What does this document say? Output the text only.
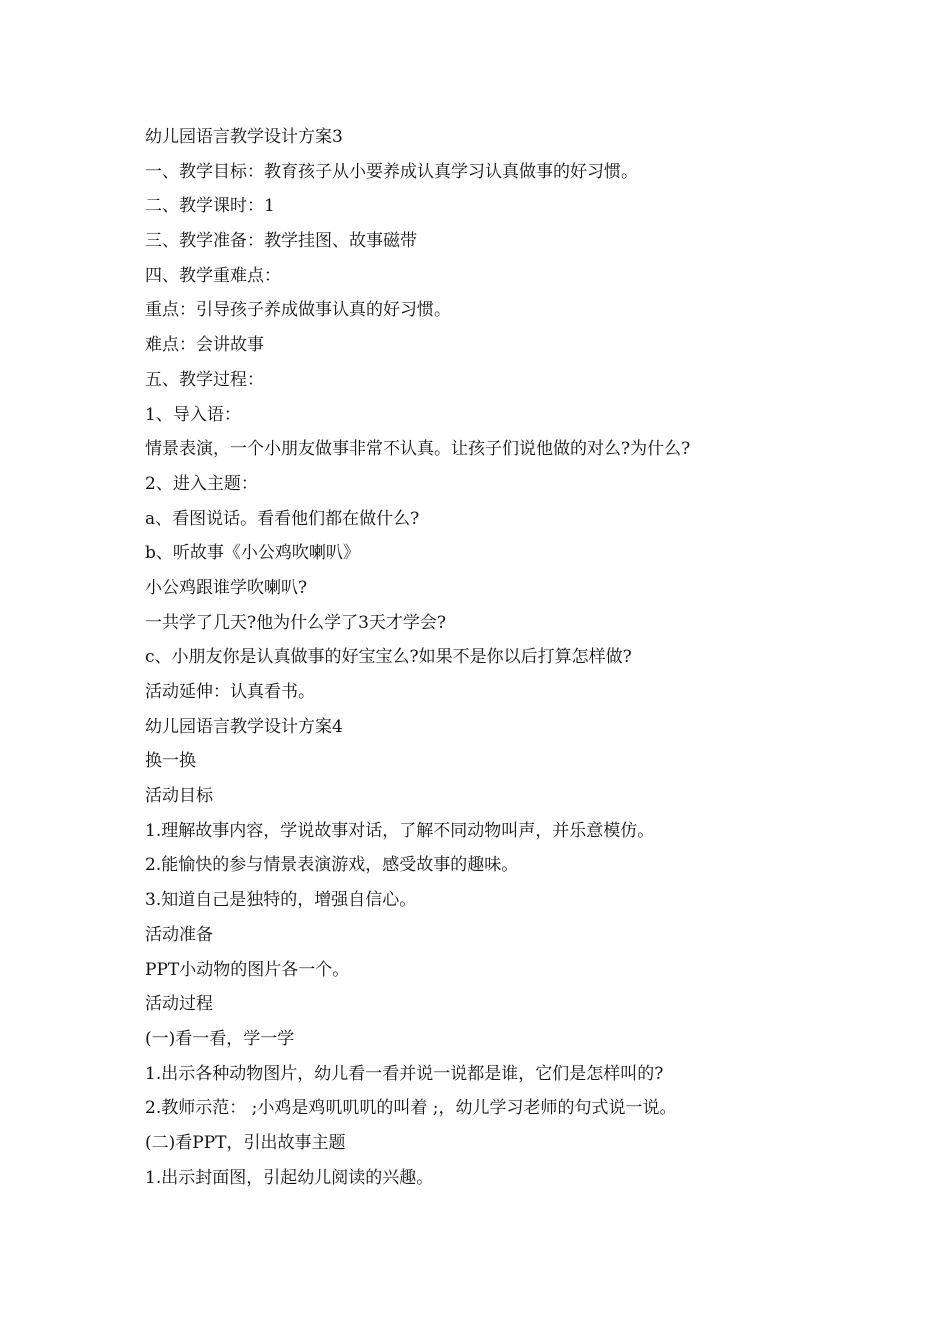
幼儿园语言教学设计方案3
一、教学目标：教育孩子从小要养成认真学习认真做事的好习惯。
二、教学课时：1
三、教学准备：教学挂图、故事磁带
四、教学重难点：
重点：引导孩子养成做事认真的好习惯。
难点：会讲故事
五、教学过程：
1、导入语：
情景表演，一个小朋友做事非常不认真。让孩子们说他做的对么?为什么?
2、进入主题：
a、看图说话。看看他们都在做什么?
b、听故事《小公鸡吹喇叭》
小公鸡跟谁学吹喇叭?
一共学了几天?他为什么学了3天才学会?
c、小朋友你是认真做事的好宝宝么?如果不是你以后打算怎样做?
活动延伸：认真看书。
幼儿园语言教学设计方案4
换一换
活动目标
1.理解故事内容，学说故事对话，了解不同动物叫声，并乐意模仿。
2.能愉快的参与情景表演游戏，感受故事的趣味。
3.知道自己是独特的，增强自信心。
活动准备
PPT小动物的图片各一个。
活动过程
(一)看一看，学一学
1.出示各种动物图片，幼儿看一看并说一说都是谁，它们是怎样叫的?
2.教师示范： ;小鸡是鸡叽叽叽的叫着 ;，幼儿学习老师的句式说一说。
(二)看PPT，引出故事主题
1.出示封面图，引起幼儿阅读的兴趣。
